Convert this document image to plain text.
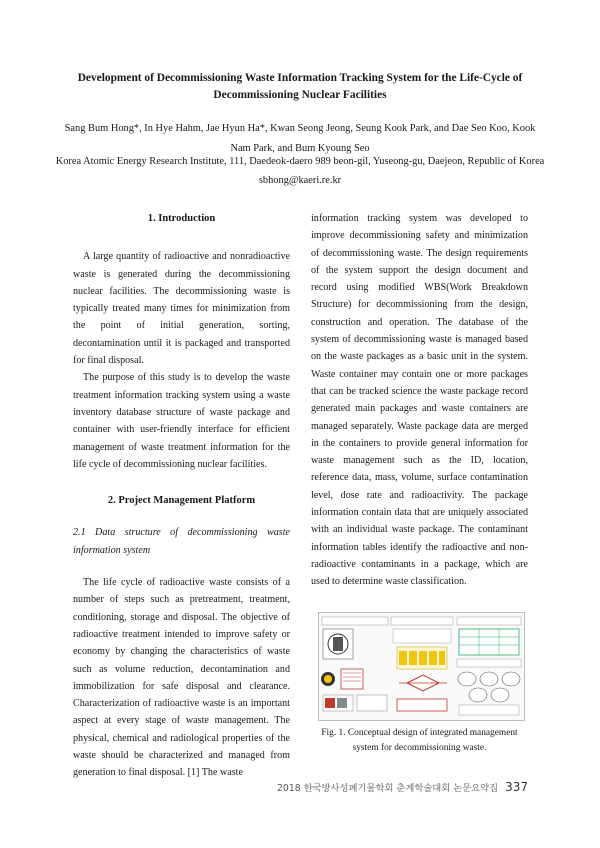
Development of Decommissioning Waste Information Tracking System for the Life-Cycle of Decommissioning Nuclear Facilities
Sang Bum Hong*, In Hye Hahm, Jae Hyun Ha*, Kwan Seong Jeong, Seung Kook Park, and Dae Seo Koo, Kook Nam Park, and Bum Kyoung Seo
Korea Atomic Energy Research Institute, 111, Daedeok-daero 989 beon-gil, Yuseong-gu, Daejeon, Republic of Korea
sbhong@kaeri.re.kr
1. Introduction

A large quantity of radioactive and nonradioactive waste is generated during the decommissioning nuclear facilities. The decommissioning waste is typically treated many times for minimization from the point of initial generation, sorting, decontamination until it is packaged and transported for final disposal.

The purpose of this study is to develop the waste treatment information tracking system using a waste inventory database structure of waste package and container with user-friendly interface for efficient management of waste treatment information for the life cycle of decommissioning nuclear facilities.

2. Project Management Platform
2.1 Data structure of decommissioning waste information system

The life cycle of radioactive waste consists of a number of steps such as pretreatment, treatment, conditioning, storage and disposal. The objective of radioactive treatment intended to improve safety or economy by changing the characteristics of waste such as volume reduction, decontamination and immobilization for safe disposal and clearance. Characterization of radioactive waste is an important aspect at every stage of waste management. The physical, chemical and radiological properties of the waste should be characterized and managed from generation to final disposal. [1] The waste

information tracking system was developed to improve decommissioning safety and minimization of decommissioning waste. The design requirements of the system support the design document and record using modified WBS(Work Breakdown Structure) for decommissioning from the design, construction and operation. The database of the system of decommissioning waste is managed based on the waste packages as a basic unit in the system. Waste container may contain one or more packages that can be tracked science the waste package record generated main packages and waste containers are managed separately. Waste package data are merged in the containers to provide general information for waste management such as the ID, location, reference data, mass, volume, surface contamination level, dose rate and radioactivity. The package information contain data that are uniquely associated with an individual waste package. The contaminant information tables identify the radioactive and non-radioactive contaminants in a package, which are used to determine waste classification.

Fig. 1. Conceptual design of integrated management system for decommissioning waste.
2018 한국방사성폐기물학회 춘계학술대회 논문요약집 337
